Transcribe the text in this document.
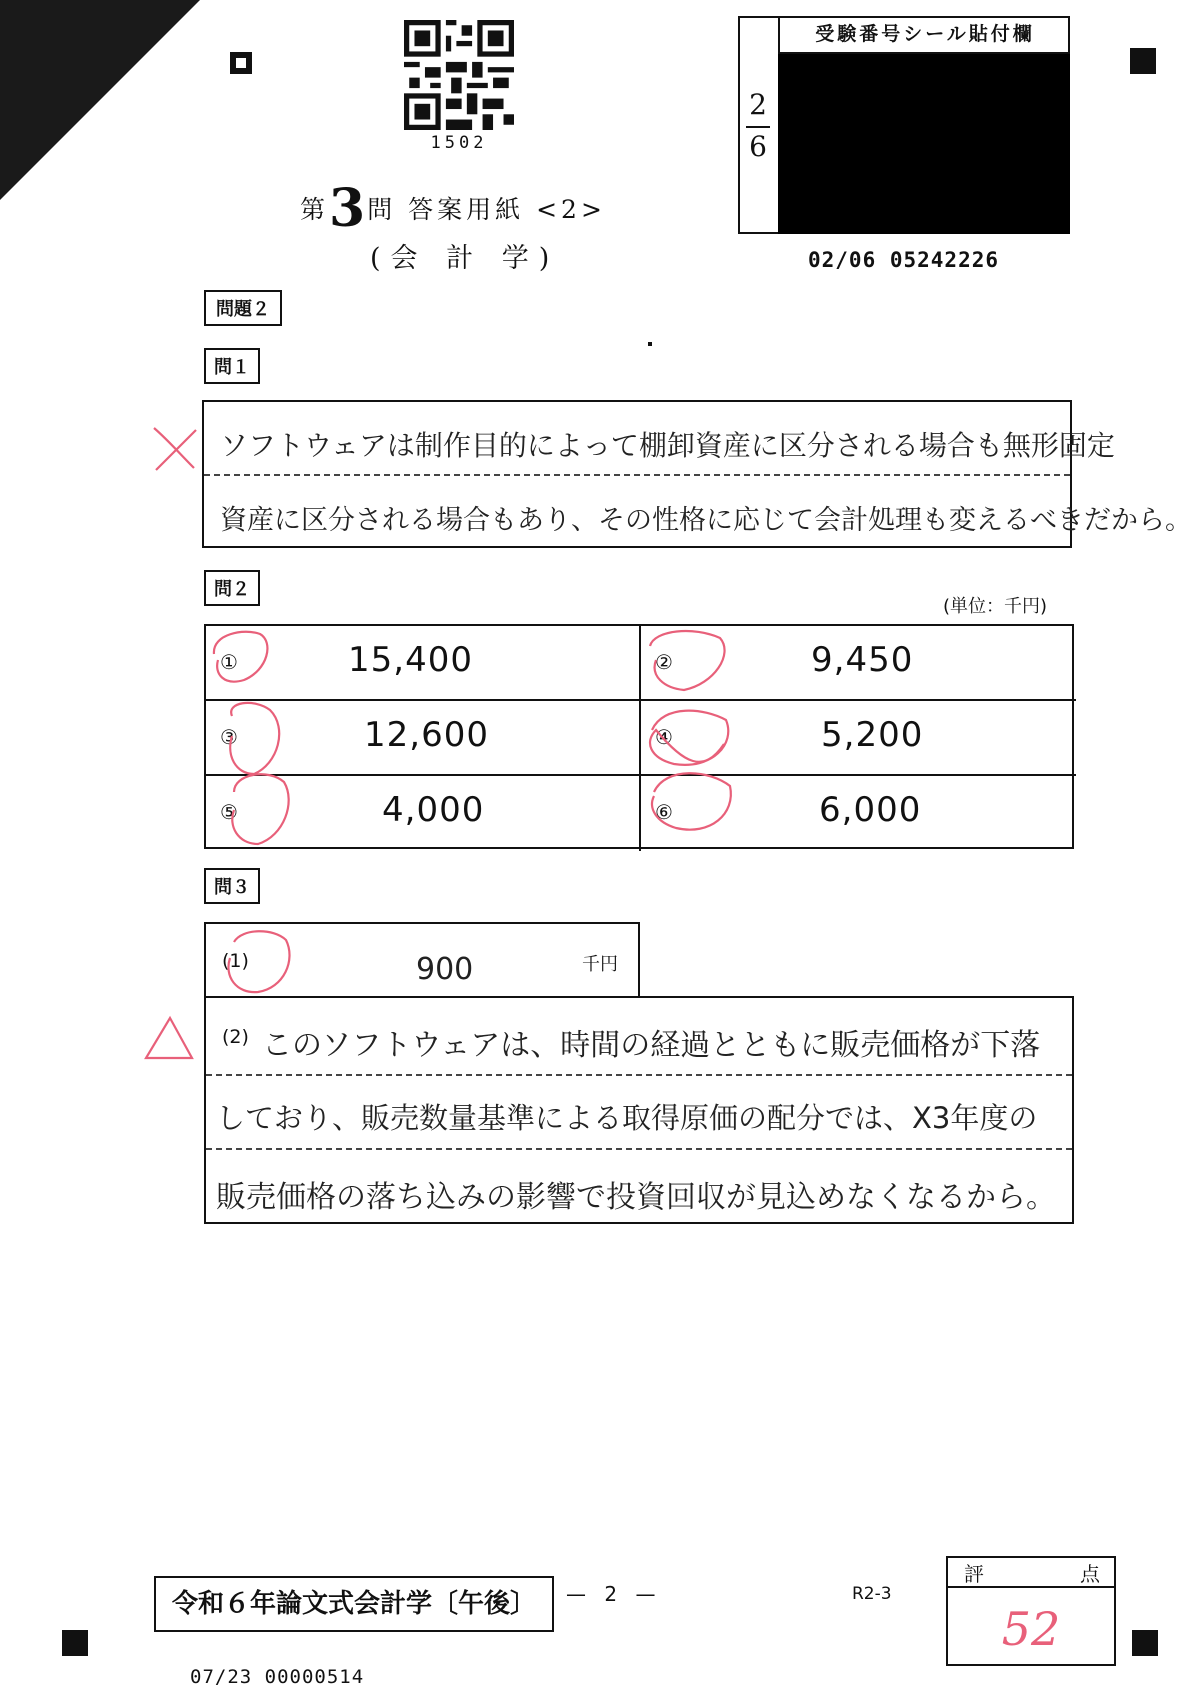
1502
第3問 答案用紙 <2>
(会 計 学)
2
6
受験番号シール貼付欄
02/06 05242226
問題２
問１
ソフトウェアは制作目的によって棚卸資産に区分される場合も無形固定
資産に区分される場合もあり、その性格に応じて会計処理も変えるべきだから。
問２
(単位：千円)
①	15,400	②	9,450
③	12,600	④	5,200
⑤	4,000	⑥	6,000
問３
(1)	900	千円
(2) このソフトウェアは、時間の経過とともに販売価格が下落
しており、販売数量基準による取得原価の配分では、X3年度の
販売価格の落ち込みの影響で投資回収が見込めなくなるから。
令和６年論文式会計学〔午後〕	— 2 —	R2-3
評	点
52
07/23 00000514
